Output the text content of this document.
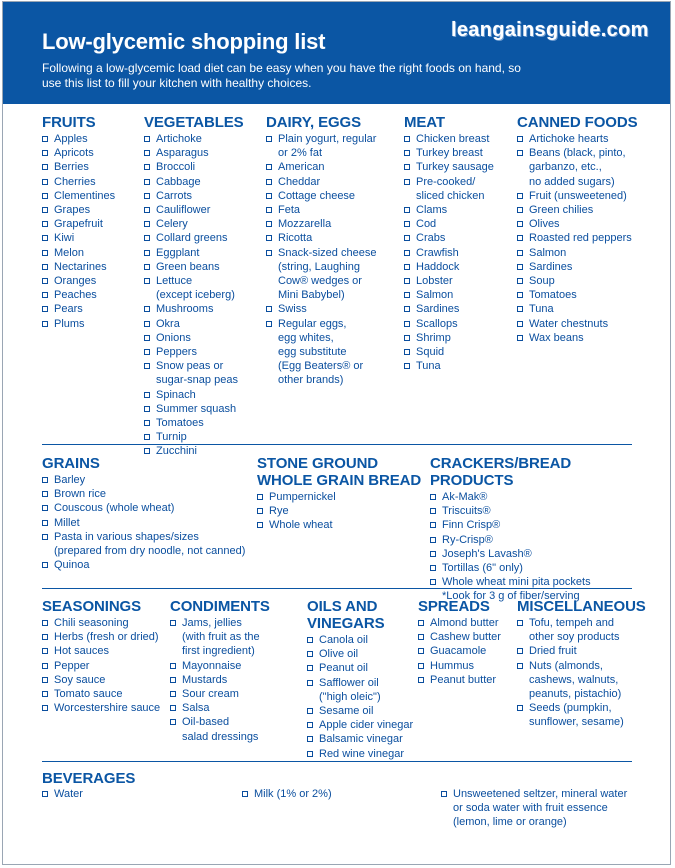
Low-glycemic shopping list
Following a low-glycemic load diet can be easy when you have the right foods on hand, so use this list to fill your kitchen with healthy choices.
leangainsguide.com
FRUITS
Apples
Apricots
Berries
Cherries
Clementines
Grapes
Grapefruit
Kiwi
Melon
Nectarines
Oranges
Peaches
Pears
Plums
VEGETABLES
Artichoke
Asparagus
Broccoli
Cabbage
Carrots
Cauliflower
Celery
Collard greens
Eggplant
Green beans
Lettuce
(except iceberg)
Mushrooms
Okra
Onions
Peppers
Snow peas or
sugar-snap peas
Spinach
Summer squash
Tomatoes
Turnip
Zucchini
DAIRY, EGGS
Plain yogurt, regular
or 2% fat
American
Cheddar
Cottage cheese
Feta
Mozzarella
Ricotta
Snack-sized cheese
(string, Laughing
Cow® wedges or
Mini Babybel)
Swiss
Regular eggs,
egg whites,
egg substitute
(Egg Beaters® or
other brands)
MEAT
Chicken breast
Turkey breast
Turkey sausage
Pre-cooked/
sliced chicken
Clams
Cod
Crabs
Crawfish
Haddock
Lobster
Salmon
Sardines
Scallops
Shrimp
Squid
Tuna
CANNED FOODS
Artichoke hearts
Beans (black, pinto,
garbanzo, etc.,
no added sugars)
Fruit (unsweetened)
Green chilies
Olives
Roasted red peppers
Salmon
Sardines
Soup
Tomatoes
Tuna
Water chestnuts
Wax beans
GRAINS
Barley
Brown rice
Couscous (whole wheat)
Millet
Pasta in various shapes/sizes
(prepared from dry noodle, not canned)
Quinoa
STONE GROUND
WHOLE GRAIN BREAD
Pumpernickel
Rye
Whole wheat
CRACKERS/BREAD PRODUCTS
Ak-Mak®
Triscuits®
Finn Crisp®
Ry-Crisp®
Joseph's Lavash®
Tortillas (6" only)
Whole wheat mini pita pockets
*Look for 3 g of fiber/serving
SEASONINGS
Chili seasoning
Herbs (fresh or dried)
Hot sauces
Pepper
Soy sauce
Tomato sauce
Worcestershire sauce
CONDIMENTS
Jams, jellies
(with fruit as the
first ingredient)
Mayonnaise
Mustards
Sour cream
Salsa
Oil-based
salad dressings
OILS AND
VINEGARS
Canola oil
Olive oil
Peanut oil
Safflower oil
("high oleic")
Sesame oil
Apple cider vinegar
Balsamic vinegar
Red wine vinegar
SPREADS
Almond butter
Cashew butter
Guacamole
Hummus
Peanut butter
MISCELLANEOUS
Tofu, tempeh and
other soy products
Dried fruit
Nuts (almonds,
cashews, walnuts,
peanuts, pistachio)
Seeds (pumpkin,
sunflower, sesame)
BEVERAGES
Water	Milk (1% or 2%)	Unsweetened seltzer, mineral water
or soda water with fruit essence
(lemon, lime or orange)
